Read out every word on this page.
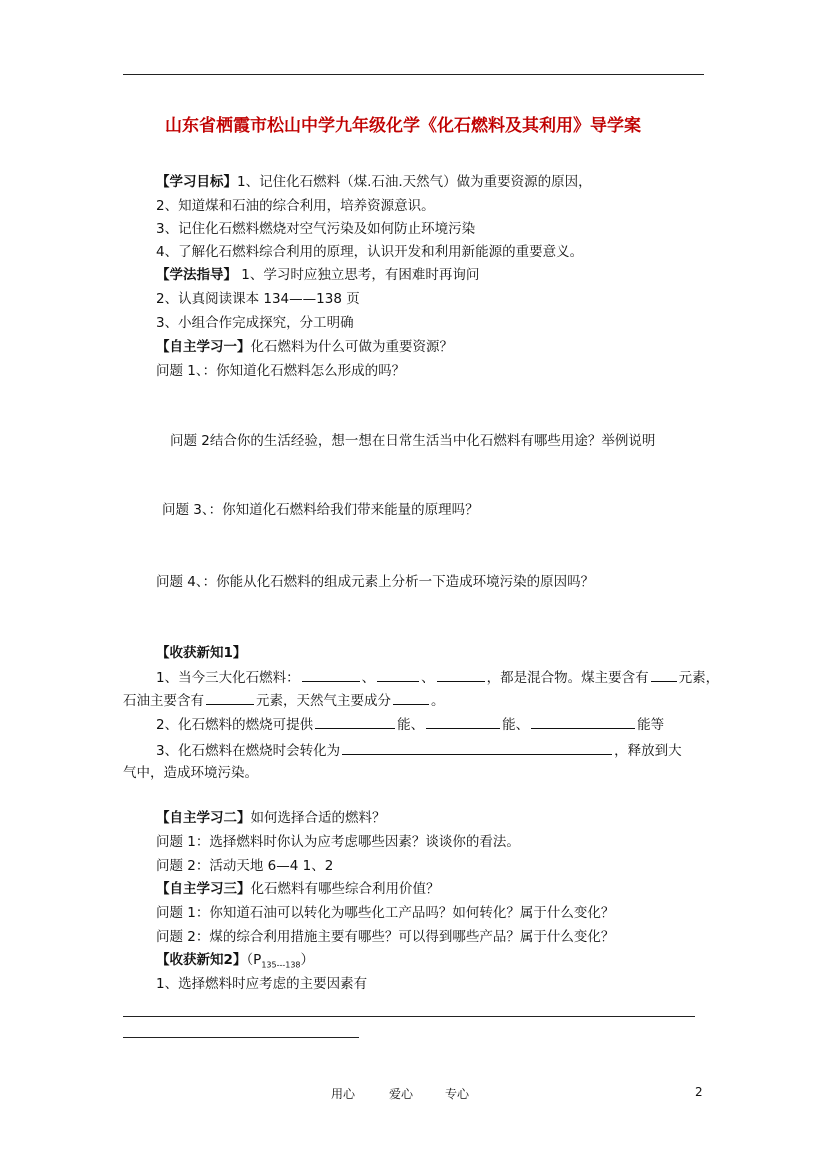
山东省栖霞市松山中学九年级化学《化石燃料及其利用》导学案
【学习目标】1、记住化石燃料（煤.石油.天然气）做为重要资源的原因，
2、知道煤和石油的综合利用，培养资源意识。
3、记住化石燃料燃烧对空气污染及如何防止环境污染
4、了解化石燃料综合利用的原理，认识开发和利用新能源的重要意义。
【学法指导】 1、学习时应独立思考，有困难时再询问
2、认真阅读课本 134——138 页
3、小组合作完成探究，分工明确
【自主学习一】化石燃料为什么可做为重要资源？
问题 1、：你知道化石燃料怎么形成的吗？
问题 2结合你的生活经验，想一想在日常生活当中化石燃料有哪些用途？举例说明
问题 3、：你知道化石燃料给我们带来能量的原理吗？
问题 4、：你能从化石燃料的组成元素上分析一下造成环境污染的原因吗？
【收获新知1】
1、当今三大化石燃料：	、	、	，都是混合物。煤主要含有 元素，
石油主要含有	元素，天然气主要成分	。
2、化石燃料的燃烧可提供	能、	能、	能等
3、化石燃料在燃烧时会转化为	，释放到大
气中，造成环境污染。
【自主学习二】如何选择合适的燃料？
问题 1：选择燃料时你认为应考虑哪些因素？谈谈你的看法。
问题 2：活动天地 6—4 1、2
【自主学习三】化石燃料有哪些综合利用价值？
问题 1：你知道石油可以转化为哪些化工产品吗？如何转化？属于什么变化？
问题 2：煤的综合利用措施主要有哪些？可以得到哪些产品？属于什么变化？
【收获新知2】$(P_{135---138})$
1、选择燃料时应考虑的主要因素有
用心	爱心	专心	2
